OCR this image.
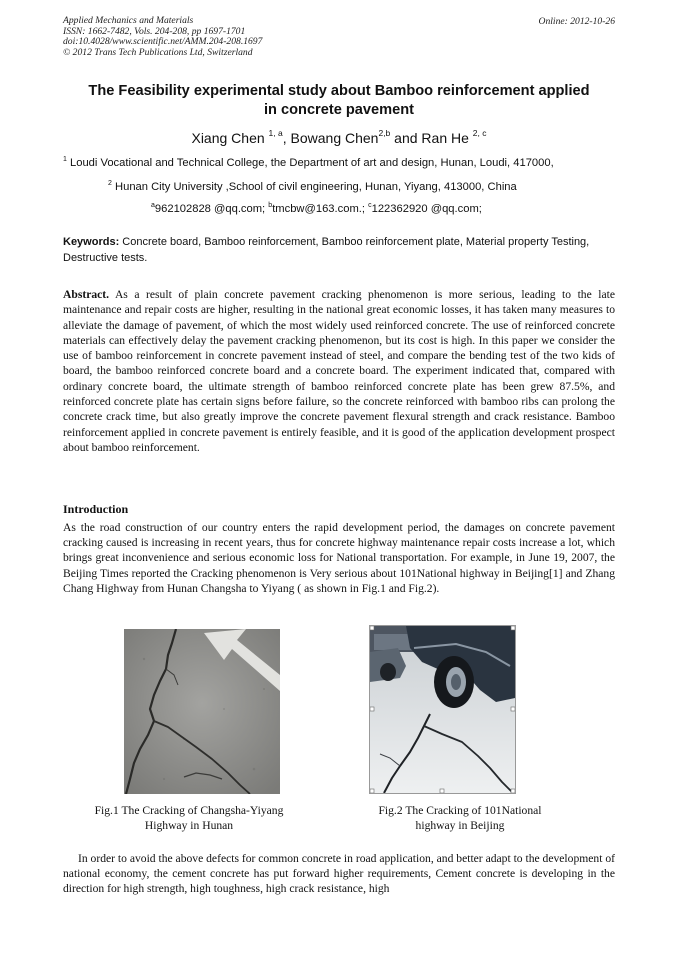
Applied Mechanics and Materials
ISSN: 1662-7482, Vols. 204-208, pp 1697-1701
doi:10.4028/www.scientific.net/AMM.204-208.1697
© 2012 Trans Tech Publications Ltd, Switzerland
Online: 2012-10-26
The Feasibility experimental study about Bamboo reinforcement applied
in concrete pavement
Xiang Chen $^{1, a}$, Bowang Chen$^{2,b}$ and Ran He $^{2, c}$
$^1$ Loudi Vocational and Technical College, the Department of art and design, Hunan, Loudi, 417000,
$^2$ Hunan City University ,School of civil engineering, Hunan, Yiyang, 413000, China
$^a$962102828 @qq.com; $^b$tmcbw@163.com.; $^c$122362920 @qq.com;
Keywords: Concrete board, Bamboo reinforcement, Bamboo reinforcement plate, Material property Testing, Destructive tests.
Abstract. As a result of plain concrete pavement cracking phenomenon is more serious, leading to the late maintenance and repair costs are higher, resulting in the national great economic losses, it has taken many measures to alleviate the damage of pavement, of which the most widely used reinforced concrete. The use of reinforced concrete materials can effectively delay the pavement cracking phenomenon, but its cost is high. In this paper we consider the use of bamboo reinforcement in concrete pavement instead of steel, and compare the bending test of the two kids of board, the bamboo reinforced concrete board and a concrete board. The experiment indicated that, compared with ordinary concrete board, the ultimate strength of bamboo reinforced concrete plate has been grew 87.5%, and reinforced concrete plate has certain signs before failure, so the concrete reinforced with bamboo ribs can prolong the concrete crack time, but also greatly improve the concrete pavement flexural strength and crack resistance. Bamboo reinforcement applied in concrete pavement is entirely feasible, and it is good of the application development prospect about bamboo reinforcement.
Introduction
As the road construction of our country enters the rapid development period, the damages on concrete pavement cracking caused is increasing in recent years, thus for concrete highway maintenance repair costs increase a lot, which brings great inconvenience and serious economic loss for National transportation. For example, in June 19, 2007, the Beijing Times reported the Cracking phenomenon is Very serious about 101National highway in Beijing[1] and Zhang Chang Highway from Hunan Changsha to Yiyang ( as shown in Fig.1 and Fig.2).
Fig.1 The Cracking of Changsha-Yiyang
Highway in Hunan
Fig.2 The Cracking of 101National
highway in Beijing
In order to avoid the above defects for common concrete in road application, and better adapt to the development of national economy, the cement concrete has put forward higher requirements, Cement concrete is developing in the direction for high strength, high toughness, high crack resistance, high
